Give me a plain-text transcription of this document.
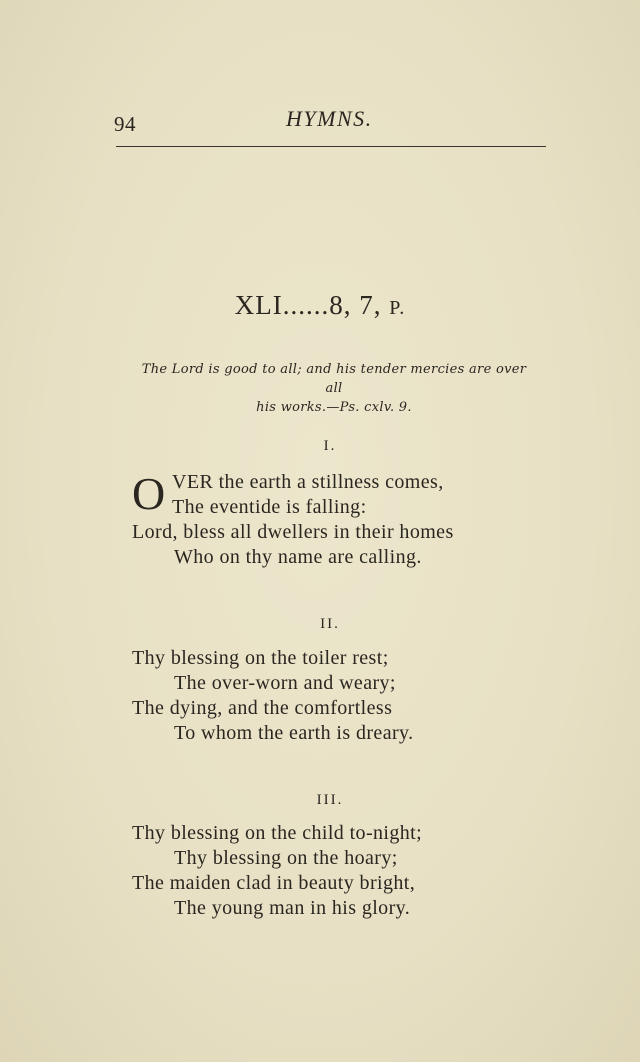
94	HYMNS.
XLI......8, 7, P.
The Lord is good to all; and his tender mercies are over all
his works.—Ps. cxlv. 9.
I.
OVER the earth a stillness comes,
The eventide is falling:
Lord, bless all dwellers in their homes
Who on thy name are calling.
II.
Thy blessing on the toiler rest;
The over-worn and weary;
The dying, and the comfortless
To whom the earth is dreary.
III.
Thy blessing on the child to-night;
Thy blessing on the hoary;
The maiden clad in beauty bright,
The young man in his glory.
